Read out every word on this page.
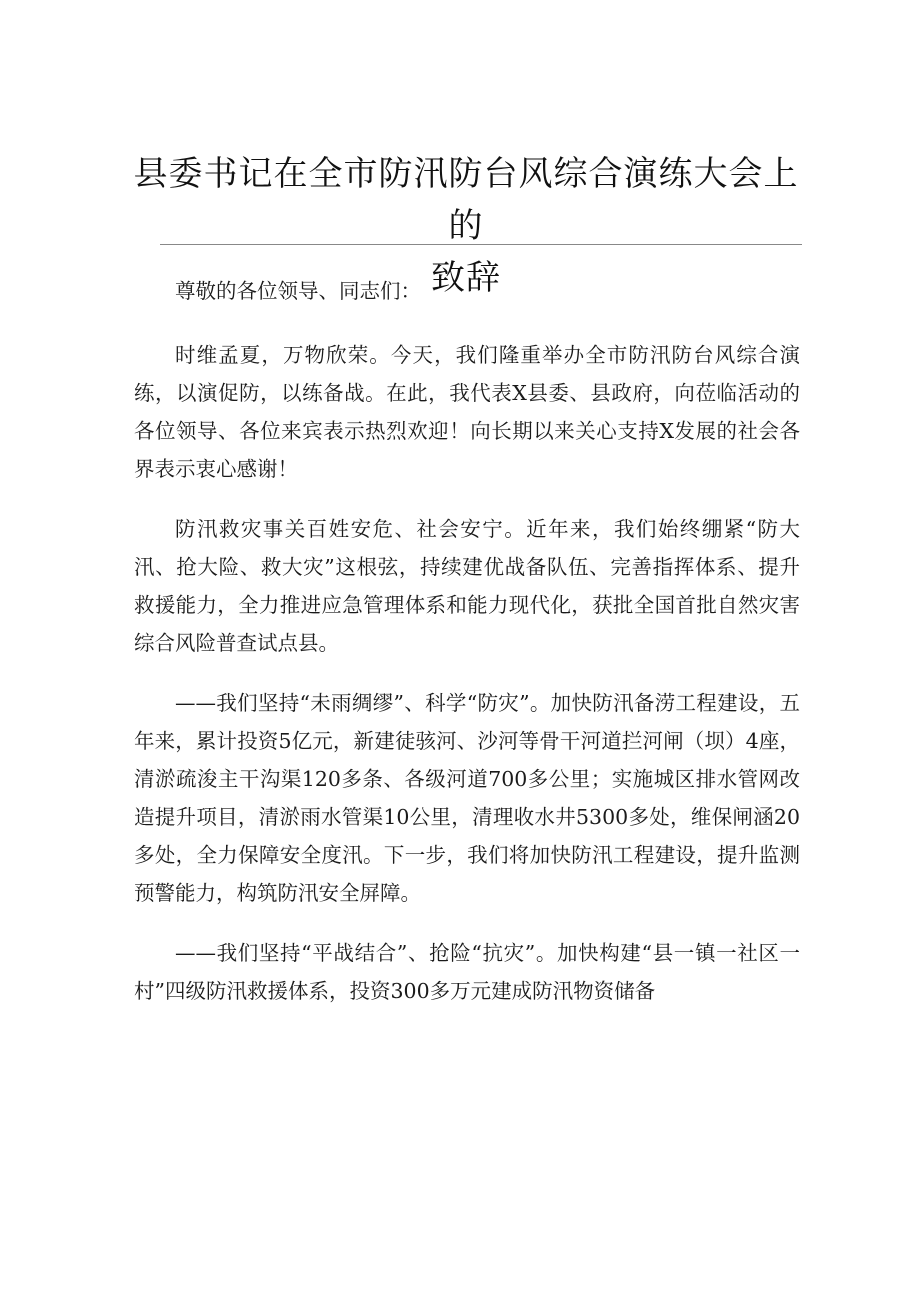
县委书记在全市防汛防台风综合演练大会上的
致辞

尊敬的各位领导、同志们：

时维孟夏，万物欣荣。今天，我们隆重举办全市防汛防台风综合演练，以演促防，以练备战。在此，我代表X县委、县政府，向莅临活动的各位领导、各位来宾表示热烈欢迎！向长期以来关心支持X发展的社会各界表示衷心感谢！

防汛救灾事关百姓安危、社会安宁。近年来，我们始终绷紧“防大汛、抢大险、救大灾”这根弦，持续建优战备队伍、完善指挥体系、提升救援能力，全力推进应急管理体系和能力现代化，获批全国首批自然灾害综合风险普查试点县。

——我们坚持“未雨绸缪”、科学“防灾”。加快防汛备涝工程建设，五年来，累计投资5亿元，新建徒骇河、沙河等骨干河道拦河闸（坝）4座，清淤疏浚主干沟渠120多条、各级河道700多公里；实施城区排水管网改造提升项目，清淤雨水管渠10公里，清理收水井5300多处，维保闸涵20多处，全力保障安全度汛。下一步，我们将加快防汛工程建设，提升监测预警能力，构筑防汛安全屏障。

——我们坚持“平战结合”、抢险“抗灾”。加快构建“县一镇一社区一村”四级防汛救援体系，投资300多万元建成防汛物资储备
